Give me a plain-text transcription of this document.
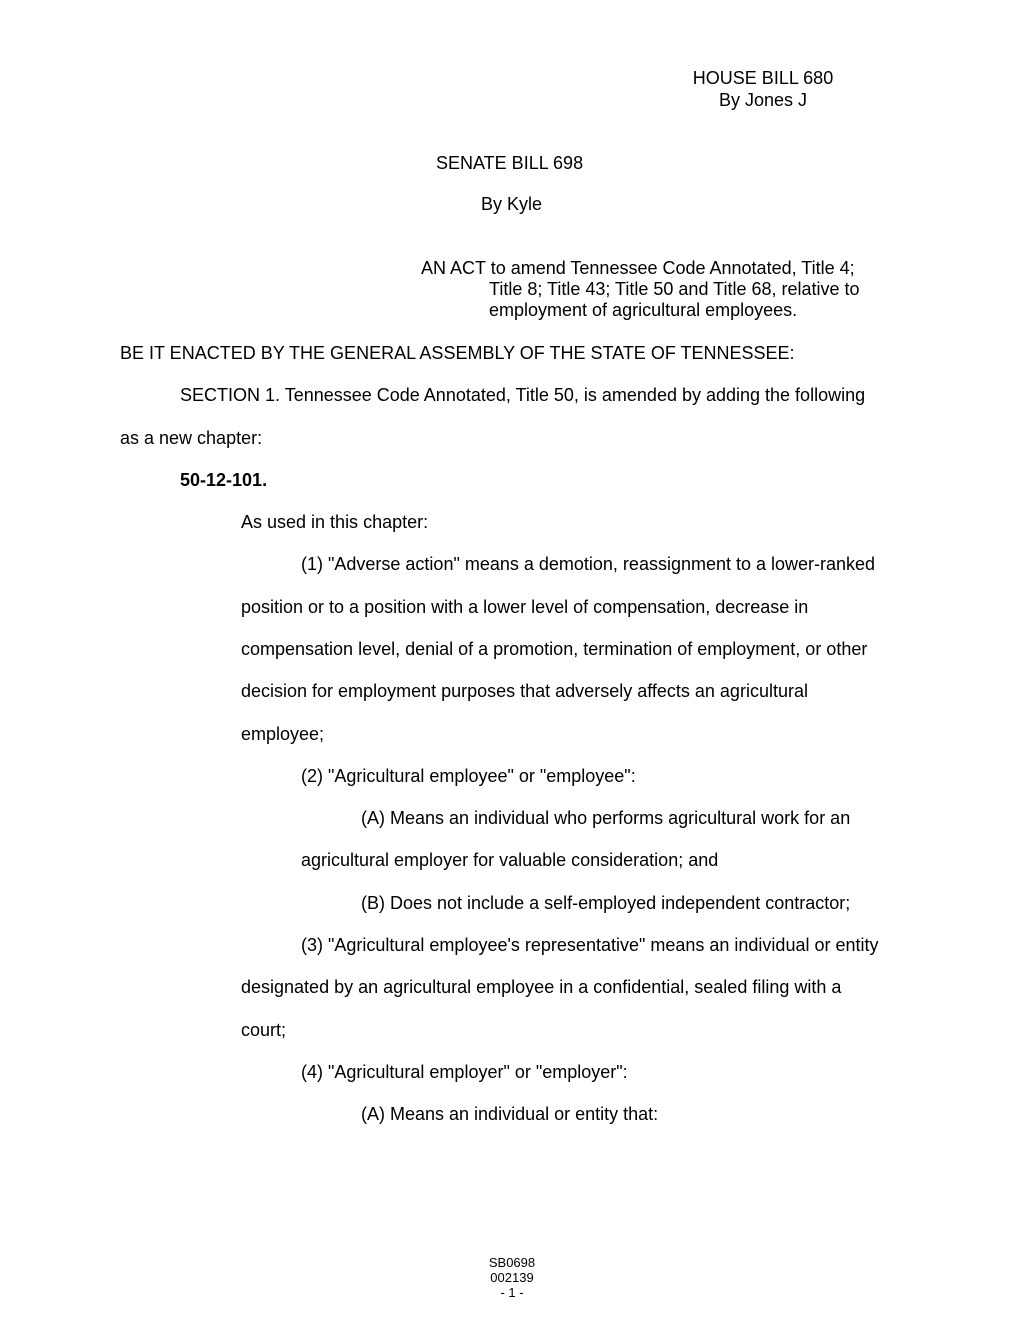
HOUSE BILL 680
By Jones J
SENATE BILL 698
By Kyle
AN ACT to amend Tennessee Code Annotated, Title 4;
Title 8; Title 43; Title 50 and Title 68, relative to
employment of agricultural employees.
BE IT ENACTED BY THE GENERAL ASSEMBLY OF THE STATE OF TENNESSEE:
SECTION 1. Tennessee Code Annotated, Title 50, is amended by adding the following
as a new chapter:
50-12-101.
As used in this chapter:
(1) "Adverse action" means a demotion, reassignment to a lower-ranked
position or to a position with a lower level of compensation, decrease in
compensation level, denial of a promotion, termination of employment, or other
decision for employment purposes that adversely affects an agricultural
employee;
(2) "Agricultural employee" or "employee":
(A) Means an individual who performs agricultural work for an
agricultural employer for valuable consideration; and
(B) Does not include a self-employed independent contractor;
(3) "Agricultural employee's representative" means an individual or entity
designated by an agricultural employee in a confidential, sealed filing with a
court;
(4) "Agricultural employer" or "employer":
(A) Means an individual or entity that:
SB0698
002139
- 1 -
